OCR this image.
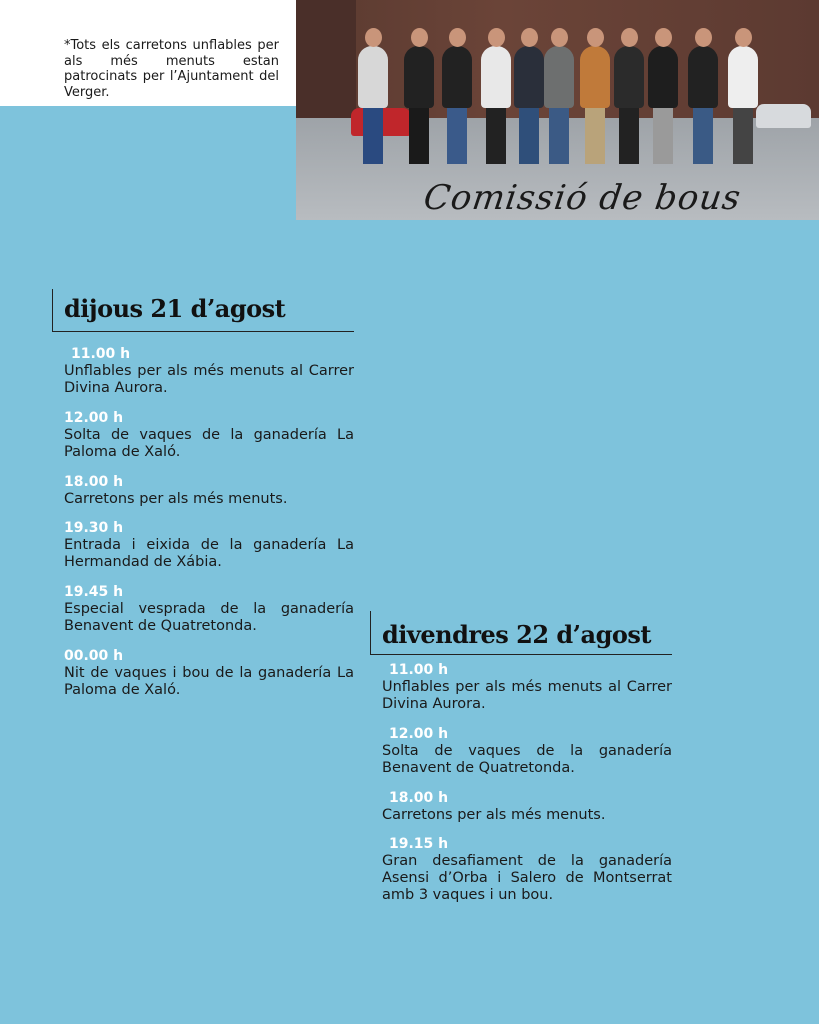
*Tots els carretons unflables per als més menuts estan patrocinats per l’Ajuntament del Verger.
Comissió de bous
dijous 21 d’agost
divendres 22 d’agost
11.00 h
Unflables per als més menuts al Carrer Divina Aurora.
12.00 h
Solta de vaques de la ganadería La Paloma de Xaló.
18.00 h
Carretons per als més menuts.
19.30 h
Entrada i eixida de la ganadería La Hermandad de Xábia.
19.45 h
Especial vesprada de la ganadería Benavent de Quatretonda.
00.00 h
Nit de vaques i bou de la ganadería La Paloma de Xaló.
11.00 h
Unflables per als més menuts al Carrer Divina Aurora.
12.00 h
Solta de vaques de la ganadería Benavent de Quatretonda.
18.00 h
Carretons per als més menuts.
19.15 h
Gran desafiament de la ganadería Asensi d’Orba i Salero de Montserrat amb 3 vaques i un bou.
